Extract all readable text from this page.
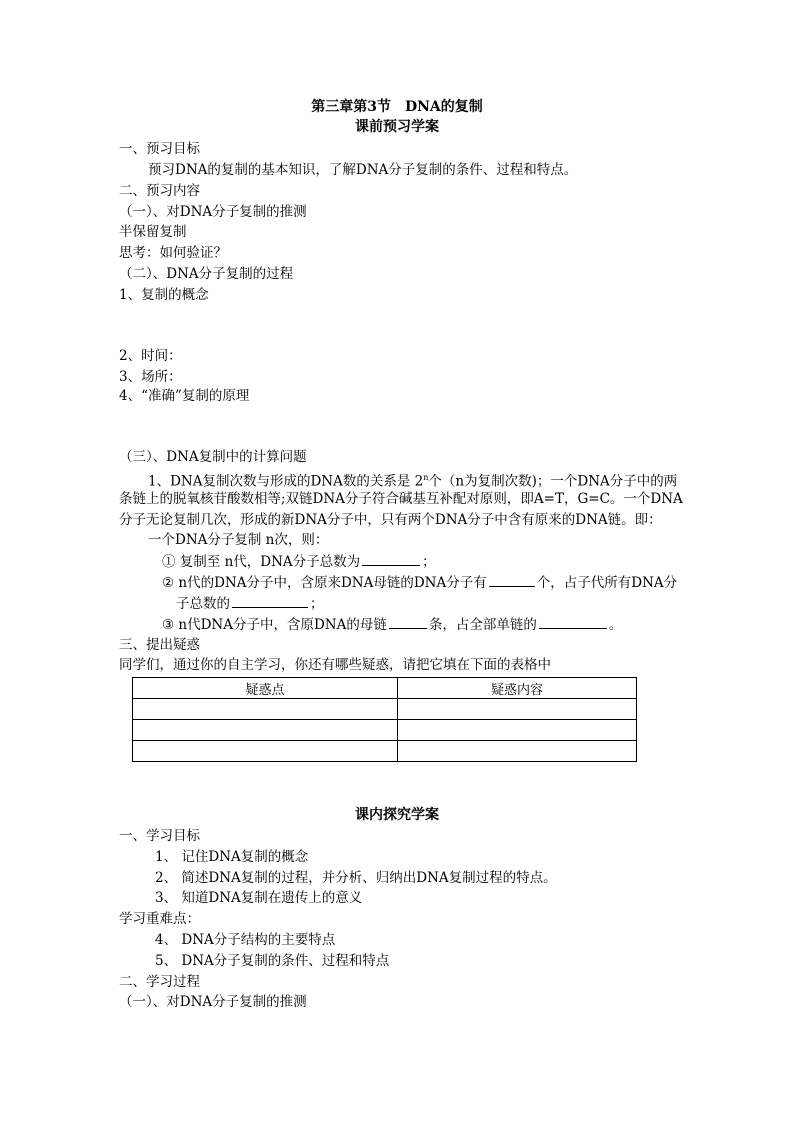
第三章第3节　DNA的复制
课前预习学案
一、预习目标
预习DNA的复制的基本知识，了解DNA分子复制的条件、过程和特点。
二、预习内容
（一）、对DNA分子复制的推测
半保留复制
思考：如何验证？
（二）、DNA分子复制的过程
1、复制的概念
2、时间：
3、场所：
4、“准确”复制的原理
（三）、DNA复制中的计算问题
1、DNA复制次数与形成的DNA数的关系是 2$^n$个（n为复制次数)；一个DNA分子中的两
条链上的脱氧核苷酸数相等;双链DNA分子符合碱基互补配对原则，即A=T，G=C。一个DNA
分子无论复制几次，形成的新DNA分子中，只有两个DNA分子中含有原来的DNA链。即：
一个DNA分子复制 n次，则：
① 复制至 n代，DNA分子总数为	；
② n代的DNA分子中，含原来DNA母链的DNA分子有	个，占子代所有DNA分
子总数的	；
③ n代DNA分子中，含原DNA的母链	条，占全部单链的	。
三、提出疑惑
同学们，通过你的自主学习，你还有哪些疑惑，请把它填在下面的表格中
疑惑点	疑惑内容

课内探究学案
一、学习目标
1、 记住DNA复制的概念
2、 简述DNA复制的过程，并分析、归纳出DNA复制过程的特点。
3、 知道DNA复制在遗传上的意义
学习重难点：
4、 DNA分子结构的主要特点
5、 DNA分子复制的条件、过程和特点
二、学习过程
（一）、对DNA分子复制的推测
